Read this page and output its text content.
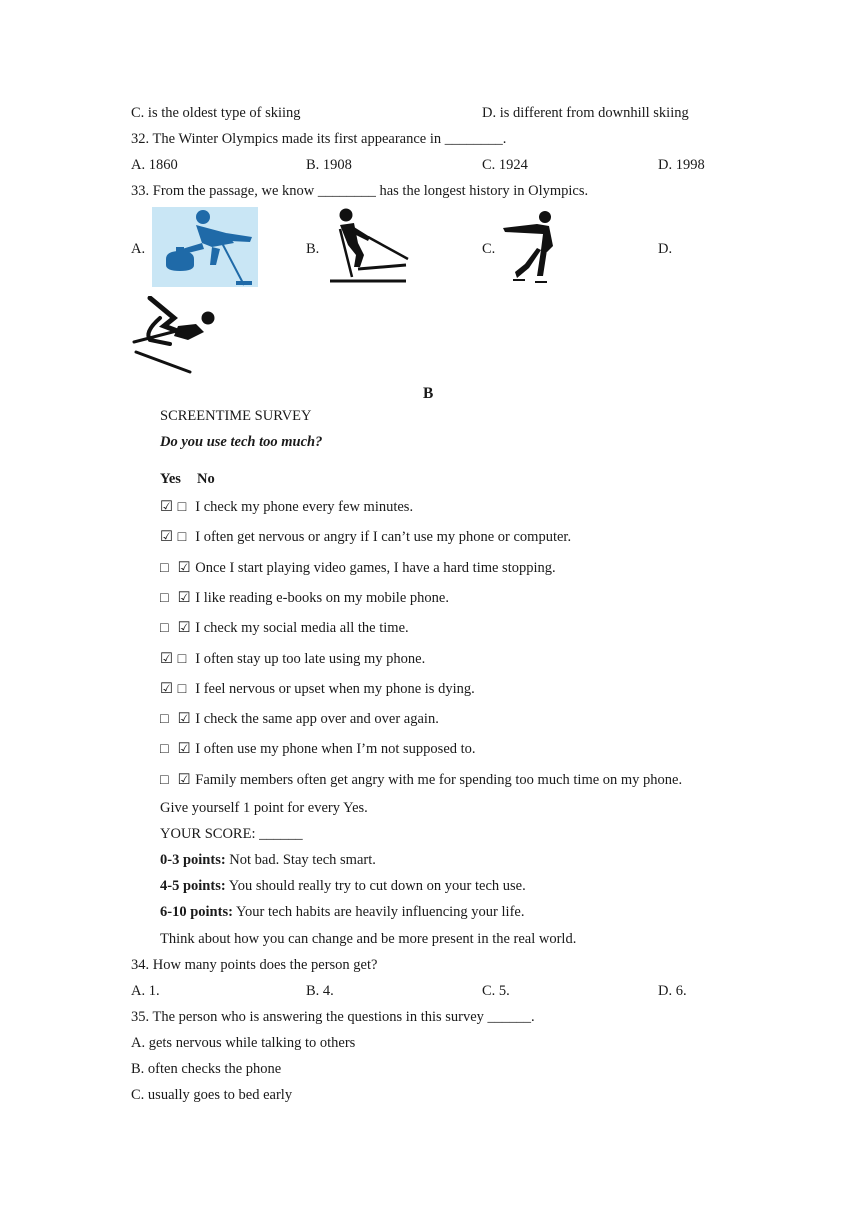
C. is the oldest type of skiing	D. is different from downhill skiing
32. The Winter Olympics made its first appearance in ________.
A. 1860	B. 1908	C. 1924	D. 1998
33. From the passage, we know ________ has the longest history in Olympics.
A.	B.	C.	D.
B
SCREENTIME SURVEY
Do you use tech too much?
Yes No
☑ □ I check my phone every few minutes.
☑ □ I often get nervous or angry if I can’t use my phone or computer.
□ ☑ Once I start playing video games, I have a hard time stopping.
□ ☑ I like reading e-books on my mobile phone.
□ ☑ I check my social media all the time.
☑ □ I often stay up too late using my phone.
☑ □ I feel nervous or upset when my phone is dying.
□ ☑ I check the same app over and over again.
□ ☑ I often use my phone when I’m not supposed to.
□ ☑ Family members often get angry with me for spending too much time on my phone.
Give yourself 1 point for every Yes.
YOUR SCORE: ______
0-3 points: Not bad. Stay tech smart.
4-5 points: You should really try to cut down on your tech use.
6-10 points: Your tech habits are heavily influencing your life.
Think about how you can change and be more present in the real world.
34. How many points does the person get?
A. 1.	B. 4.	C. 5.	D. 6.
35. The person who is answering the questions in this survey ______.
A. gets nervous while talking to others
B. often checks the phone
C. usually goes to bed early
